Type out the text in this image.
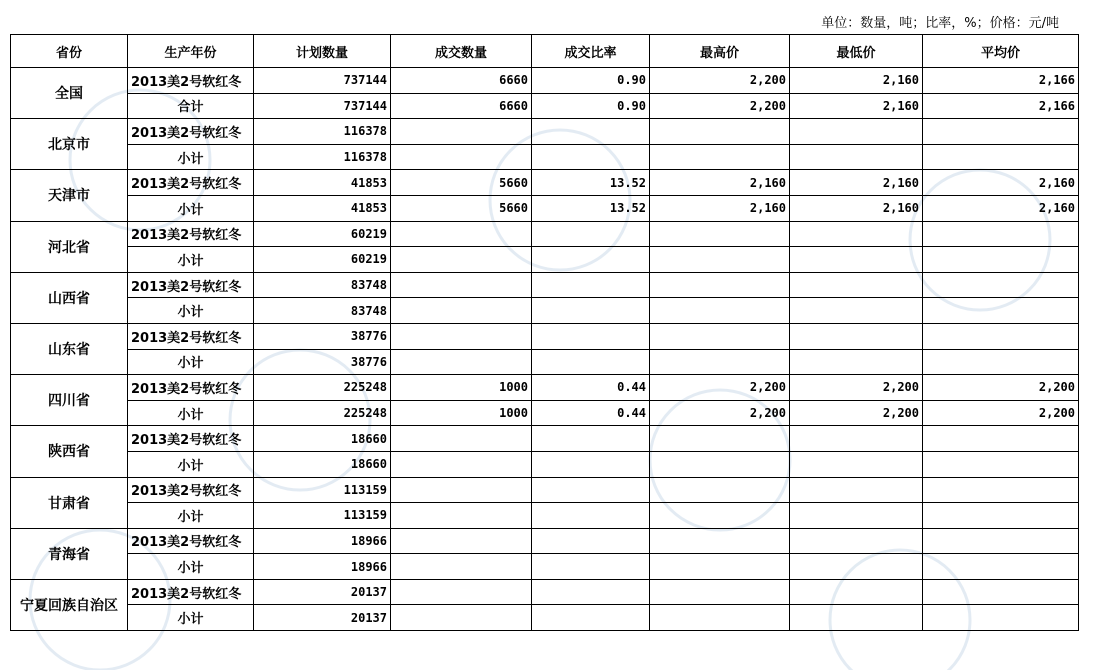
单位：数量，吨；比率，%；价格：元/吨
省份	生产年份	计划数量	成交数量	成交比率	最高价	最低价	平均价
全国	2013美2号软红冬	737144	6660	0.90	2,200	2,160	2,166
	合计	737144	6660	0.90	2,200	2,160	2,166
北京市	2013美2号软红冬	116378					
	小计	116378					
天津市	2013美2号软红冬	41853	5660	13.52	2,160	2,160	2,160
	小计	41853	5660	13.52	2,160	2,160	2,160
河北省	2013美2号软红冬	60219					
	小计	60219					
山西省	2013美2号软红冬	83748					
	小计	83748					
山东省	2013美2号软红冬	38776					
	小计	38776					
四川省	2013美2号软红冬	225248	1000	0.44	2,200	2,200	2,200
	小计	225248	1000	0.44	2,200	2,200	2,200
陕西省	2013美2号软红冬	18660					
	小计	18660					
甘肃省	2013美2号软红冬	113159					
	小计	113159					
青海省	2013美2号软红冬	18966					
	小计	18966					
宁夏回族自治区	2013美2号软红冬	20137					
	小计	20137					
